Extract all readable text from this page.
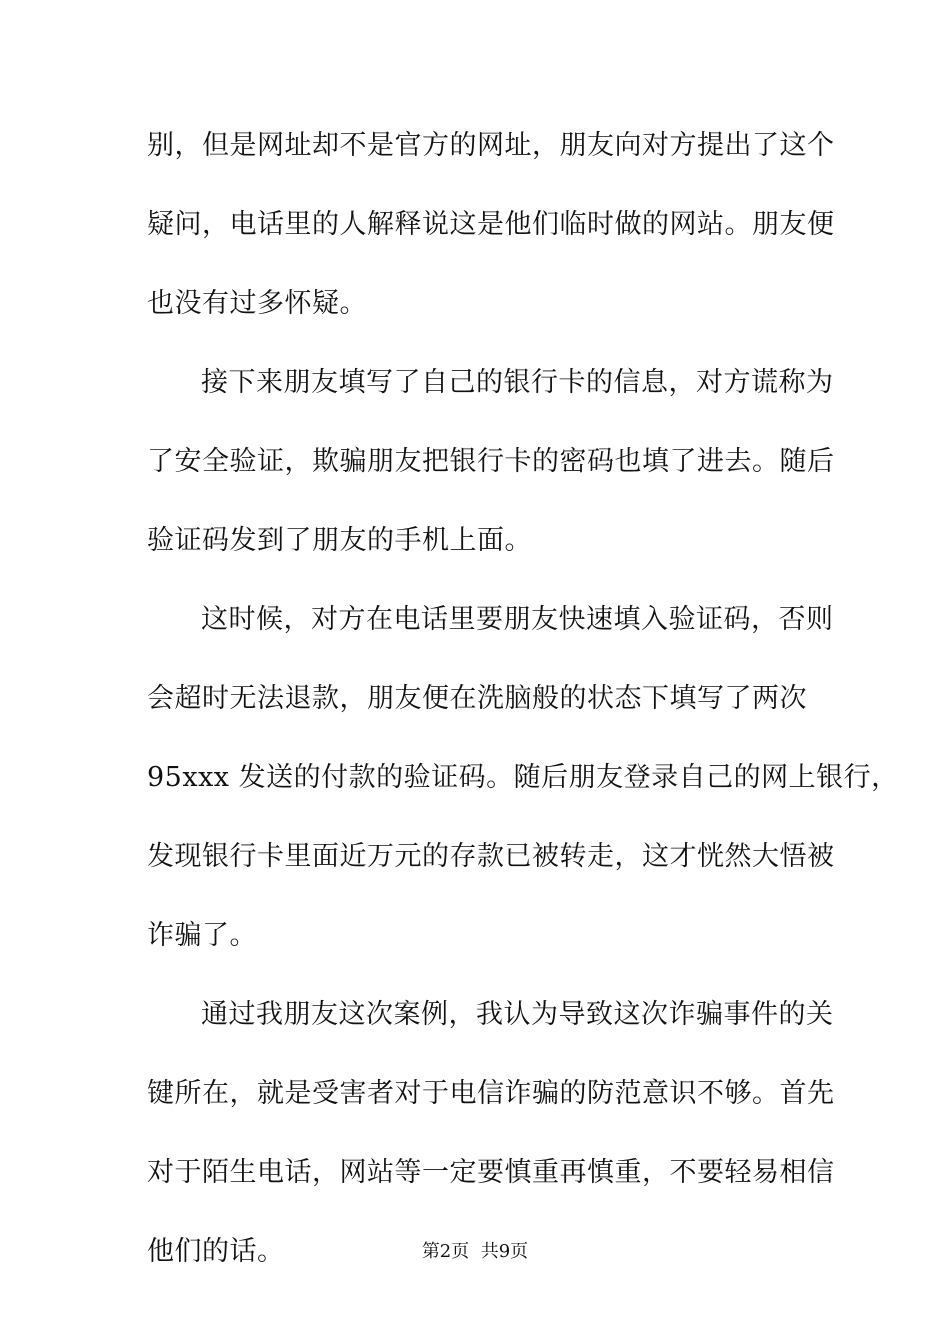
别，但是网址却不是官方的网址，朋友向对方提出了这个
疑问，电话里的人解释说这是他们临时做的网站。朋友便
也没有过多怀疑。
接下来朋友填写了自己的银行卡的信息，对方谎称为
了安全验证，欺骗朋友把银行卡的密码也填了进去。随后
验证码发到了朋友的手机上面。
这时候，对方在电话里要朋友快速填入验证码，否则
会超时无法退款，朋友便在洗脑般的状态下填写了两次
95xxx 发送的付款的验证码。随后朋友登录自己的网上银行，
发现银行卡里面近万元的存款已被转走，这才恍然大悟被
诈骗了。
通过我朋友这次案例，我认为导致这次诈骗事件的关
键所在，就是受害者对于电信诈骗的防范意识不够。首先
对于陌生电话，网站等一定要慎重再慎重，不要轻易相信
他们的话。	第2页  共9页
